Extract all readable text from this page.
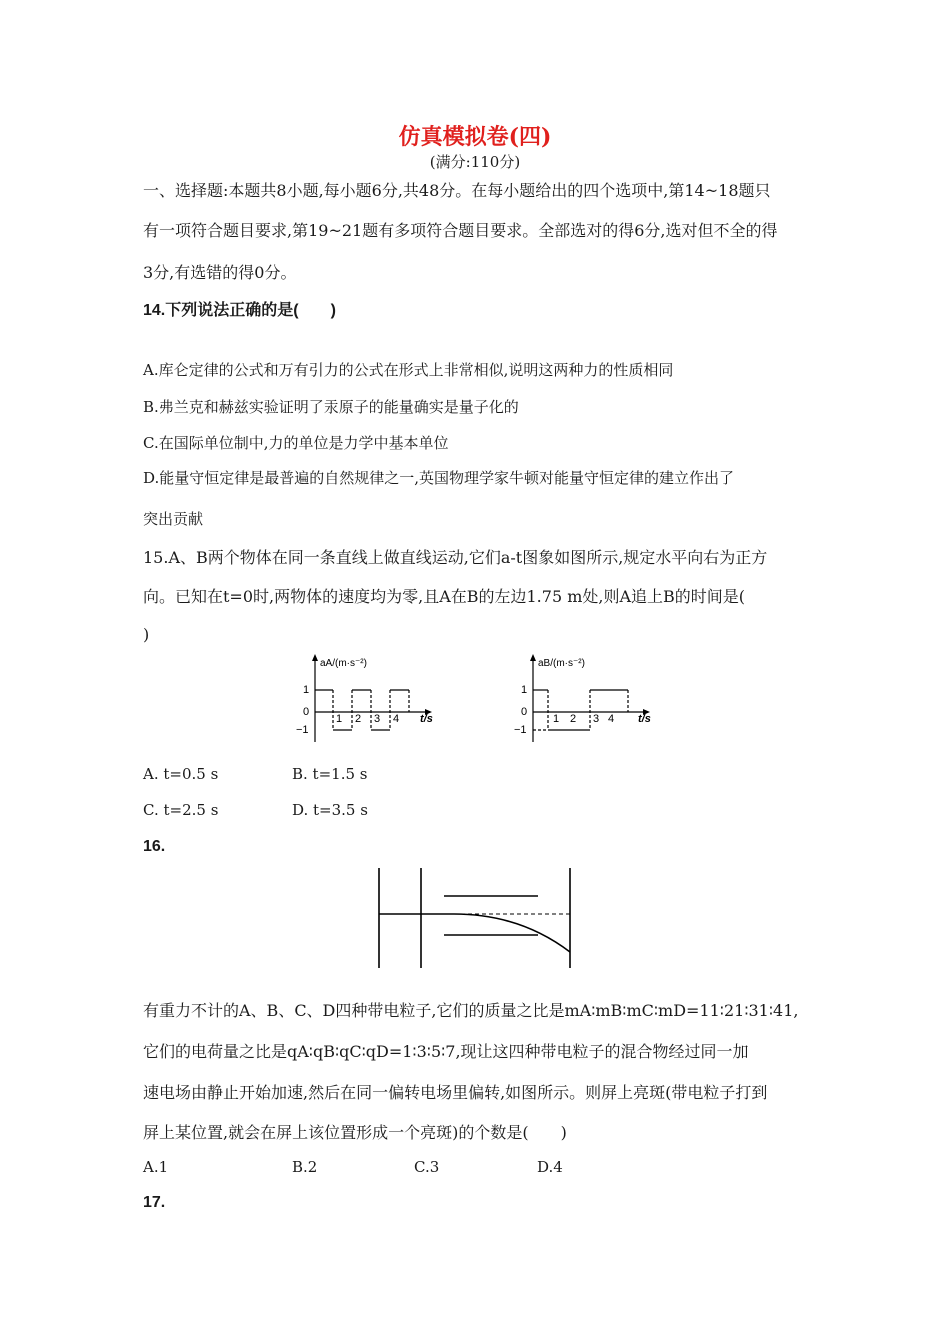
仿真模拟卷(四)
(满分:110分)
一、选择题:本题共8小题,每小题6分,共48分。在每小题给出的四个选项中,第14~18题只
有一项符合题目要求,第19~21题有多项符合题目要求。全部选对的得6分,选对但不全的得
3分,有选错的得0分。
14.下列说法正确的是(　　)
A.库仑定律的公式和万有引力的公式在形式上非常相似,说明这两种力的性质相同
B.弗兰克和赫兹实验证明了汞原子的能量确实是量子化的
C.在国际单位制中,力的单位是力学中基本单位
D.能量守恒定律是最普遍的自然规律之一,英国物理学家牛顿对能量守恒定律的建立作出了
突出贡献
15.A、B两个物体在同一条直线上做直线运动,它们a-t图象如图所示,规定水平向右为正方
向。已知在t=0时,两物体的速度均为零,且A在B的左边1.75 m处,则A追上B的时间是(
)
aA/(m·s⁻²)
1
0
−1
1 2 3 4 t/s
aB/(m·s⁻²)
1
0
−1
1 2 3 4 t/s
A. t=0.5 s	B. t=1.5 s
C. t=2.5 s	D. t=3.5 s
16.
有重力不计的A、B、C、D四种带电粒子,它们的质量之比是mA∶mB∶mC∶mD=11∶21∶31∶41,
它们的电荷量之比是qA∶qB∶qC∶qD=1∶3∶5∶7,现让这四种带电粒子的混合物经过同一加
速电场由静止开始加速,然后在同一偏转电场里偏转,如图所示。则屏上亮斑(带电粒子打到
屏上某位置,就会在屏上该位置形成一个亮斑)的个数是(　　)
A.1	B.2	C.3	D.4
17.
